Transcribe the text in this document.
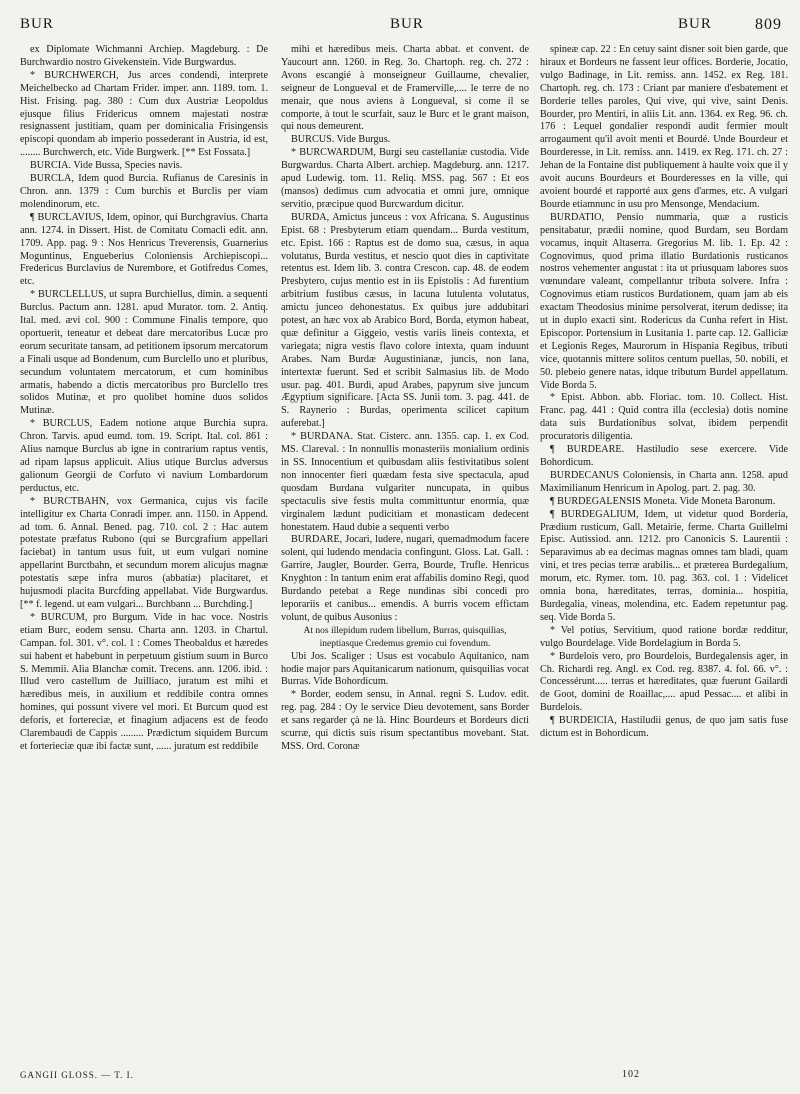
BUR	BUR	BUR	809

ex Diplomate Wichmanni Archiep. Magdeburg. : De Burchwardio nostro Givekenstein. Vide Burgwardus.

* BURCHWERCH, Jus arces condendi, interprete Meichelbecko ad Chartam Frider. imper. ann. 1189. tom. 1. Hist. Frising. pag. 380 : Cum dux Austriæ Leopoldus ejusque filius Fridericus omnem majestati nostræ resignassent justitiam, quam per dominicalia Frisingensis episcopi quondam ab imperio possederant in Austria, id est, ........ Burchwerch, etc. Vide Burgwerk. [** Est Fossata.]

BURCIA. Vide Bussa, Species navis.

BURCLA, Idem quod Burcia. Rufianus de Caresinis in Chron. ann. 1379 : Cum burchis et Burclis per viam molendinorum, etc.

¶ BURCLAVIUS, Idem, opinor, qui Burchgravius. Charta ann. 1274. in Dissert. Hist. de Comitatu Comacli edit. ann. 1709. App. pag. 9 : Nos Henricus Treverensis, Guarnerius Moguntinus, Engueberius Coloniensis Archiepiscopi... Fredericus Burclavius de Nurembore, et Gotifredus Comes, etc.

* BURCLELLUS, ut supra Burchiellus, dimin. a sequenti Burclus. Pactum ann. 1281. apud Murator. tom. 2. Antiq. Ital. med. ævi col. 900 : Commune Finalis tempore, quo oportuerit, teneatur et debeat dare mercatoribus Lucæ pro eorum securitate tansam, ad petitionem ipsorum mercatorum a Finali usque ad Bondenum, cum Burclello uno et pluribus, secundum voluntatem mercatorum, et cum hominibus armatis, habendo a dictis mercatoribus pro Burclello tres solidos Mutinæ, et pro quolibet homine duos solidos Mutinæ.

* BURCLUS, Eadem notione atque Burchia supra. Chron. Tarvis. apud eumd. tom. 19. Script. Ital. col. 861 : Alius namque Burclus ab igne in contrarium raptus ventis, ad ripam lapsus applicuit. Alius utique Burclus adversus galionum Georgii de Corfuto vi navium Lombardorum perductus, etc.

* BURCTBAHN, vox Germanica, cujus vis facile intelligitur ex Charta Conradi imper. ann. 1150. in Append. ad tom. 6. Annal. Bened. pag. 710. col. 2 : Hac autem potestate præfatus Rubono (qui se Burcgrafium appellari faciebat) in tantum usus fuit, ut eum vulgari nomine appellarint Burctbahn, et secundum morem alicujus magnæ potestatis sæpe infra muros (abbatiæ) placitaret, et hujusmodi placita Burcfding appellabat. Vide Burgwardus. [** f. legend. ut eam vulgari... Burchbann ... Burchding.]

* BURCUM, pro Burgum. Vide in hac voce. Nostris etiam Burc, eodem sensu. Charta ann. 1203. in Chartul. Campan. fol. 301. v°. col. 1 : Comes Theobaldus et hæredes sui habent et habebunt in perpetuum gistium suum in Burco S. Memmii. Alia Blanchæ comit. Trecens. ann. 1206. ibid. : Illud vero castellum de Juilliaco, juratum est mihi et hæredibus meis, in auxilium et reddibile contra omnes homines, qui possunt vivere vel mori. Et Burcum quod est deforis, et fortereciæ, et finagium adjacens est de feodo Clarembaudi de Cappis ......... Prædictum siquidem Burcum et forterieciæ quæ ibi factæ sunt, ...... juratum est reddibile

mihi et hæredibus meis. Charta abbat. et convent. de Yaucourt ann. 1260. in Reg. 3o. Chartoph. reg. ch. 272 : Avons escangié à monseigneur Guillaume, chevalier, seigneur de Longueval et de Framerville,.... le terre de no menair, que nous aviens à Longueval, si come il se comporte, à tout le scurfait, sauz le Burc et le grant maison, qui nous demeurent.

BURCUS. Vide Burgus.

* BURCWARDUM, Burgi seu castellaniæ custodia. Vide Burgwardus. Charta Albert. archiep. Magdeburg. ann. 1217. apud Ludewig. tom. 11. Reliq. MSS. pag. 567 : Et eos (mansos) dedimus cum advocatia et omni jure, omnique servitio, præcipue quod Burcwardum dicitur.

BURDA, Amictus junceus : vox Africana. S. Augustinus Epist. 68 : Presbyterum etiam quendam... Burda vestitum, etc. Epist. 166 : Raptus est de domo sua, cæsus, in aqua volutatus, Burda vestitus, et nescio quot dies in captivitate retentus est. Idem lib. 3. contra Crescon. cap. 48. de eodem Presbytero, cujus mentio est in iis Epistolis : Ad furentium arbitrium fustibus cæsus, in lacuna lutulenta volutatus, amictu junceo dehonestatus. Ex quibus jure addubitari potest, an hæc vox ab Arabico Bord, Borda, etymon habeat, quæ definitur a Giggeio, vestis variis lineis contexta, et variegata; nigra vestis flavo colore intexta, quam induunt Arabes. Nam Burdæ Augustinianæ, juncis, non lana, intertextæ fuerunt. Sed et scribit Salmasius lib. de Modo usur. pag. 401. Burdi, apud Arabes, papyrum sive juncum Ægyptium significare. [Acta SS. Junii tom. 3. pag. 441. de S. Raynerio : Burdas, operimenta scilicet capitum auferebat.]

* BURDANA. Stat. Cisterc. ann. 1355. cap. 1. ex Cod. MS. Clareval. : In nonnullis monasteriis monialium ordinis in SS. Innocentium et quibusdam aliis festivitatibus solent non innocenter fieri quædam festa sive spectacula, apud quosdam Burdana vulgariter nuncupata, in quibus spectaculis sive festis multa committuntur enormia, quæ virginalem lædunt pudicitiam et monasticam dedecent honestatem. Haud dubie a sequenti verbo

BURDARE, Jocari, ludere, nugari, quemadmodum facere solent, qui ludendo mendacia confingunt. Gloss. Lat. Gall. : Garrire, Jaugler, Bourder. Gerra, Bourde, Trufle. Henricus Knyghton : In tantum enim erat affabilis domino Regi, quod Burdando petebat a Rege nundinas sibi concedi pro leporariis et canibus... emendis. A burris vocem effictam volunt, de quibus Ausonius :

At nos illepidum rudem libellum, Burras, quisquilias, ineptiasque Credemus gremio cui fovendum.

Ubi Jos. Scaliger : Usus est vocabulo Aquitanico, nam hodie major pars Aquitanicarum nationum, quisquilias vocat Burras. Vide Bohordicum.

* Border, eodem sensu, in Annal. regni S. Ludov. edit. reg. pag. 284 : Oy le service Dieu devotement, sans Border et sans regarder çà ne là. Hinc Bourdeurs et Bordeurs dicti scurræ, qui dictis suis risum spectantibus movebant. Stat. MSS. Ord. Coronæ

spineæ cap. 22 : En cetuy saint disner soit bien garde, que hiraux et Bordeurs ne fassent leur offices. Borderie, Jocatio, vulgo Badinage, in Lit. remiss. ann. 1452. ex Reg. 181. Chartoph. reg. ch. 173 : Criant par maniere d'esbatement et Borderie telles paroles, Qui vive, qui vive, saint Denis. Bourder, pro Mentiri, in aliis Lit. ann. 1364. ex Reg. 96. ch. 176 : Lequel gondalier respondi audit fermier moult arrogaument qu'il avoit menti et Bourdé. Unde Bourdeur et Bourderesse, in Lit. remiss. ann. 1419. ex Reg. 171. ch. 27 : Jehan de la Fontaine dist publiquement à haulte voix que il y avoit aucuns Bourdeurs et Bourderesses en la ville, qui avoient bourdé et rapporté aux gens d'armes, etc. A vulgari Bourde etiamnunc in usu pro Mensonge, Mendacium.

BURDATIO, Pensio nummaria, quæ a rusticis pensitabatur, prædii nomine, quod Burdam, seu Bordam vocamus, inquit Altaserra. Gregorius M. lib. 1. Ep. 42 : Cognovimus, quod prima illatio Burdationis rusticanos nostros vehementer angustat : ita ut priusquam labores suos vœnundare valeant, compellantur tributa solvere. Infra : Cognovimus etiam rusticos Burdationem, quam jam ab eis exactam Theodosius minime persolverat, iterum dedisse; ita ut in duplo exacti sint. Rodericus da Cunha refert in Hist. Episcopor. Portensium in Lusitania 1. parte cap. 12. Galliciæ et Legionis Reges, Maurorum in Hispania Regibus, tributi vice, quotannis mittere solitos centum puellas, 50. nobili, et 50. plebeio genere natas, idque tributum Burdel appellatum. Vide Borda 5.

* Epist. Abbon. abb. Floriac. tom. 10. Collect. Hist. Franc. pag. 441 : Quid contra illa (ecclesia) dotis nomine data suis Burdationibus solvat, ibidem perpendit procuratoris diligentia.

¶ BURDEARE. Hastiludio sese exercere. Vide Bohordicum.

BURDECANUS Coloniensis, in Charta ann. 1258. apud Maximilianum Henricum in Apolog. part. 2. pag. 30.

¶ BURDEGALENSIS Moneta. Vide Moneta Baronum.

¶ BURDEGALIUM, Idem, ut videtur quod Borderia, Prædium rusticum, Gall. Metairie, ferme. Charta Guillelmi Episc. Autissiod. ann. 1212. pro Canonicis S. Laurentii : Separavimus ab ea decimas magnas omnes tam bladi, quam vini, et tres pecias terræ arabilis... et præterea Burdegalium, morum, etc. Rymer. tom. 10. pag. 363. col. 1 : Videlicet omnia bona, hæreditates, terras, dominia... hospitia, Burdegalia, vineas, molendina, etc. Eadem repetuntur pag. seq. Vide Borda 5.

* Vel potius, Servitium, quod ratione bordæ redditur, vulgo Bourdelage. Vide Bordelagium in Borda 5.

* Burdelois vero, pro Bourdelois, Burdegalensis ager, in Ch. Richardi reg. Angl. ex Cod. reg. 8387. 4. fol. 66. v°. : Concessérunt..... terras et hæreditates, quæ fuerunt Gailardi de Goot, domini de Roaillac,.... apud Pessac.... et alibi in Burdelois.

¶ BURDEICIA, Hastiludii genus, de quo jam satis fuse dictum est in Bohordicum.

GANGII GLOSS. — T. I.	102
